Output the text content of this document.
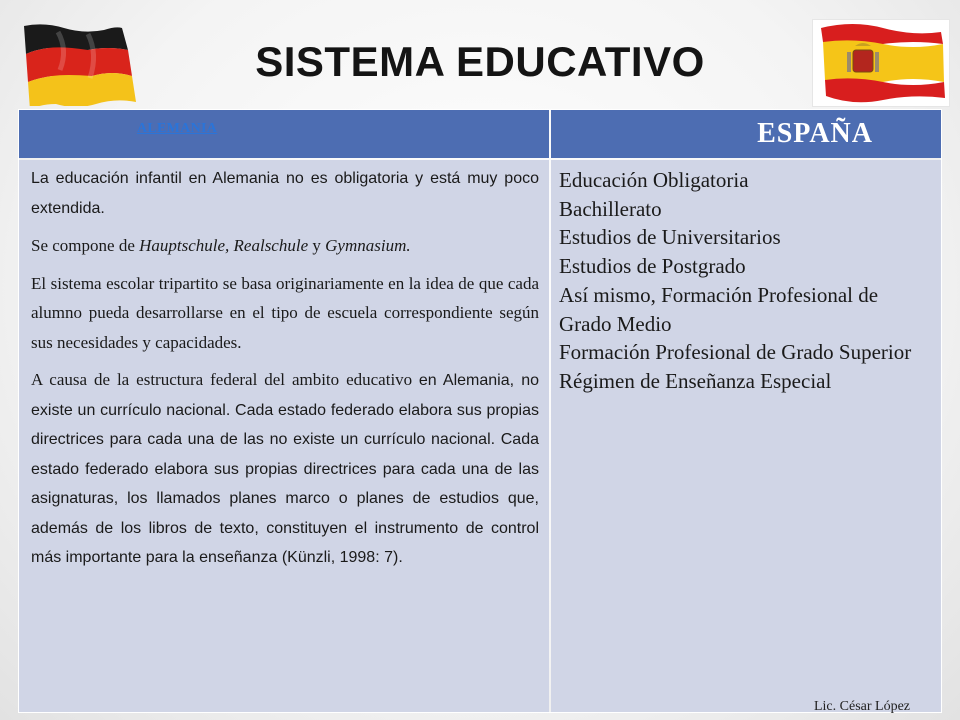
SISTEMA EDUCATIVO
ALEMANIA	ESPAÑA

La educación infantil en Alemania no es obligatoria y está muy poco extendida.

Se compone de Hauptschule, Realschule y Gymnasium.

El sistema escolar tripartito se basa originariamente en la idea de que cada alumno pueda desarrollarse en el tipo de escuela correspondiente según sus necesidades y capacidades.

A causa de la estructura federal del ambito educativo en Alemania, no existe un currículo nacional. Cada estado federado elabora sus propias directrices para cada una de las no existe un currículo nacional. Cada estado federado elabora sus propias directrices para cada una de las asignaturas, los llamados planes marco o planes de estudios que, además de los libros de texto, constituyen el instrumento de control más importante para la enseñanza (Künzli, 1998: 7).

Educación Obligatoria

Bachillerato

Estudios de Universitarios

Estudios de Postgrado

Así mismo, Formación Profesional de Grado Medio

Formación Profesional de Grado Superior

Régimen de Enseñanza Especial

Lic. César López
